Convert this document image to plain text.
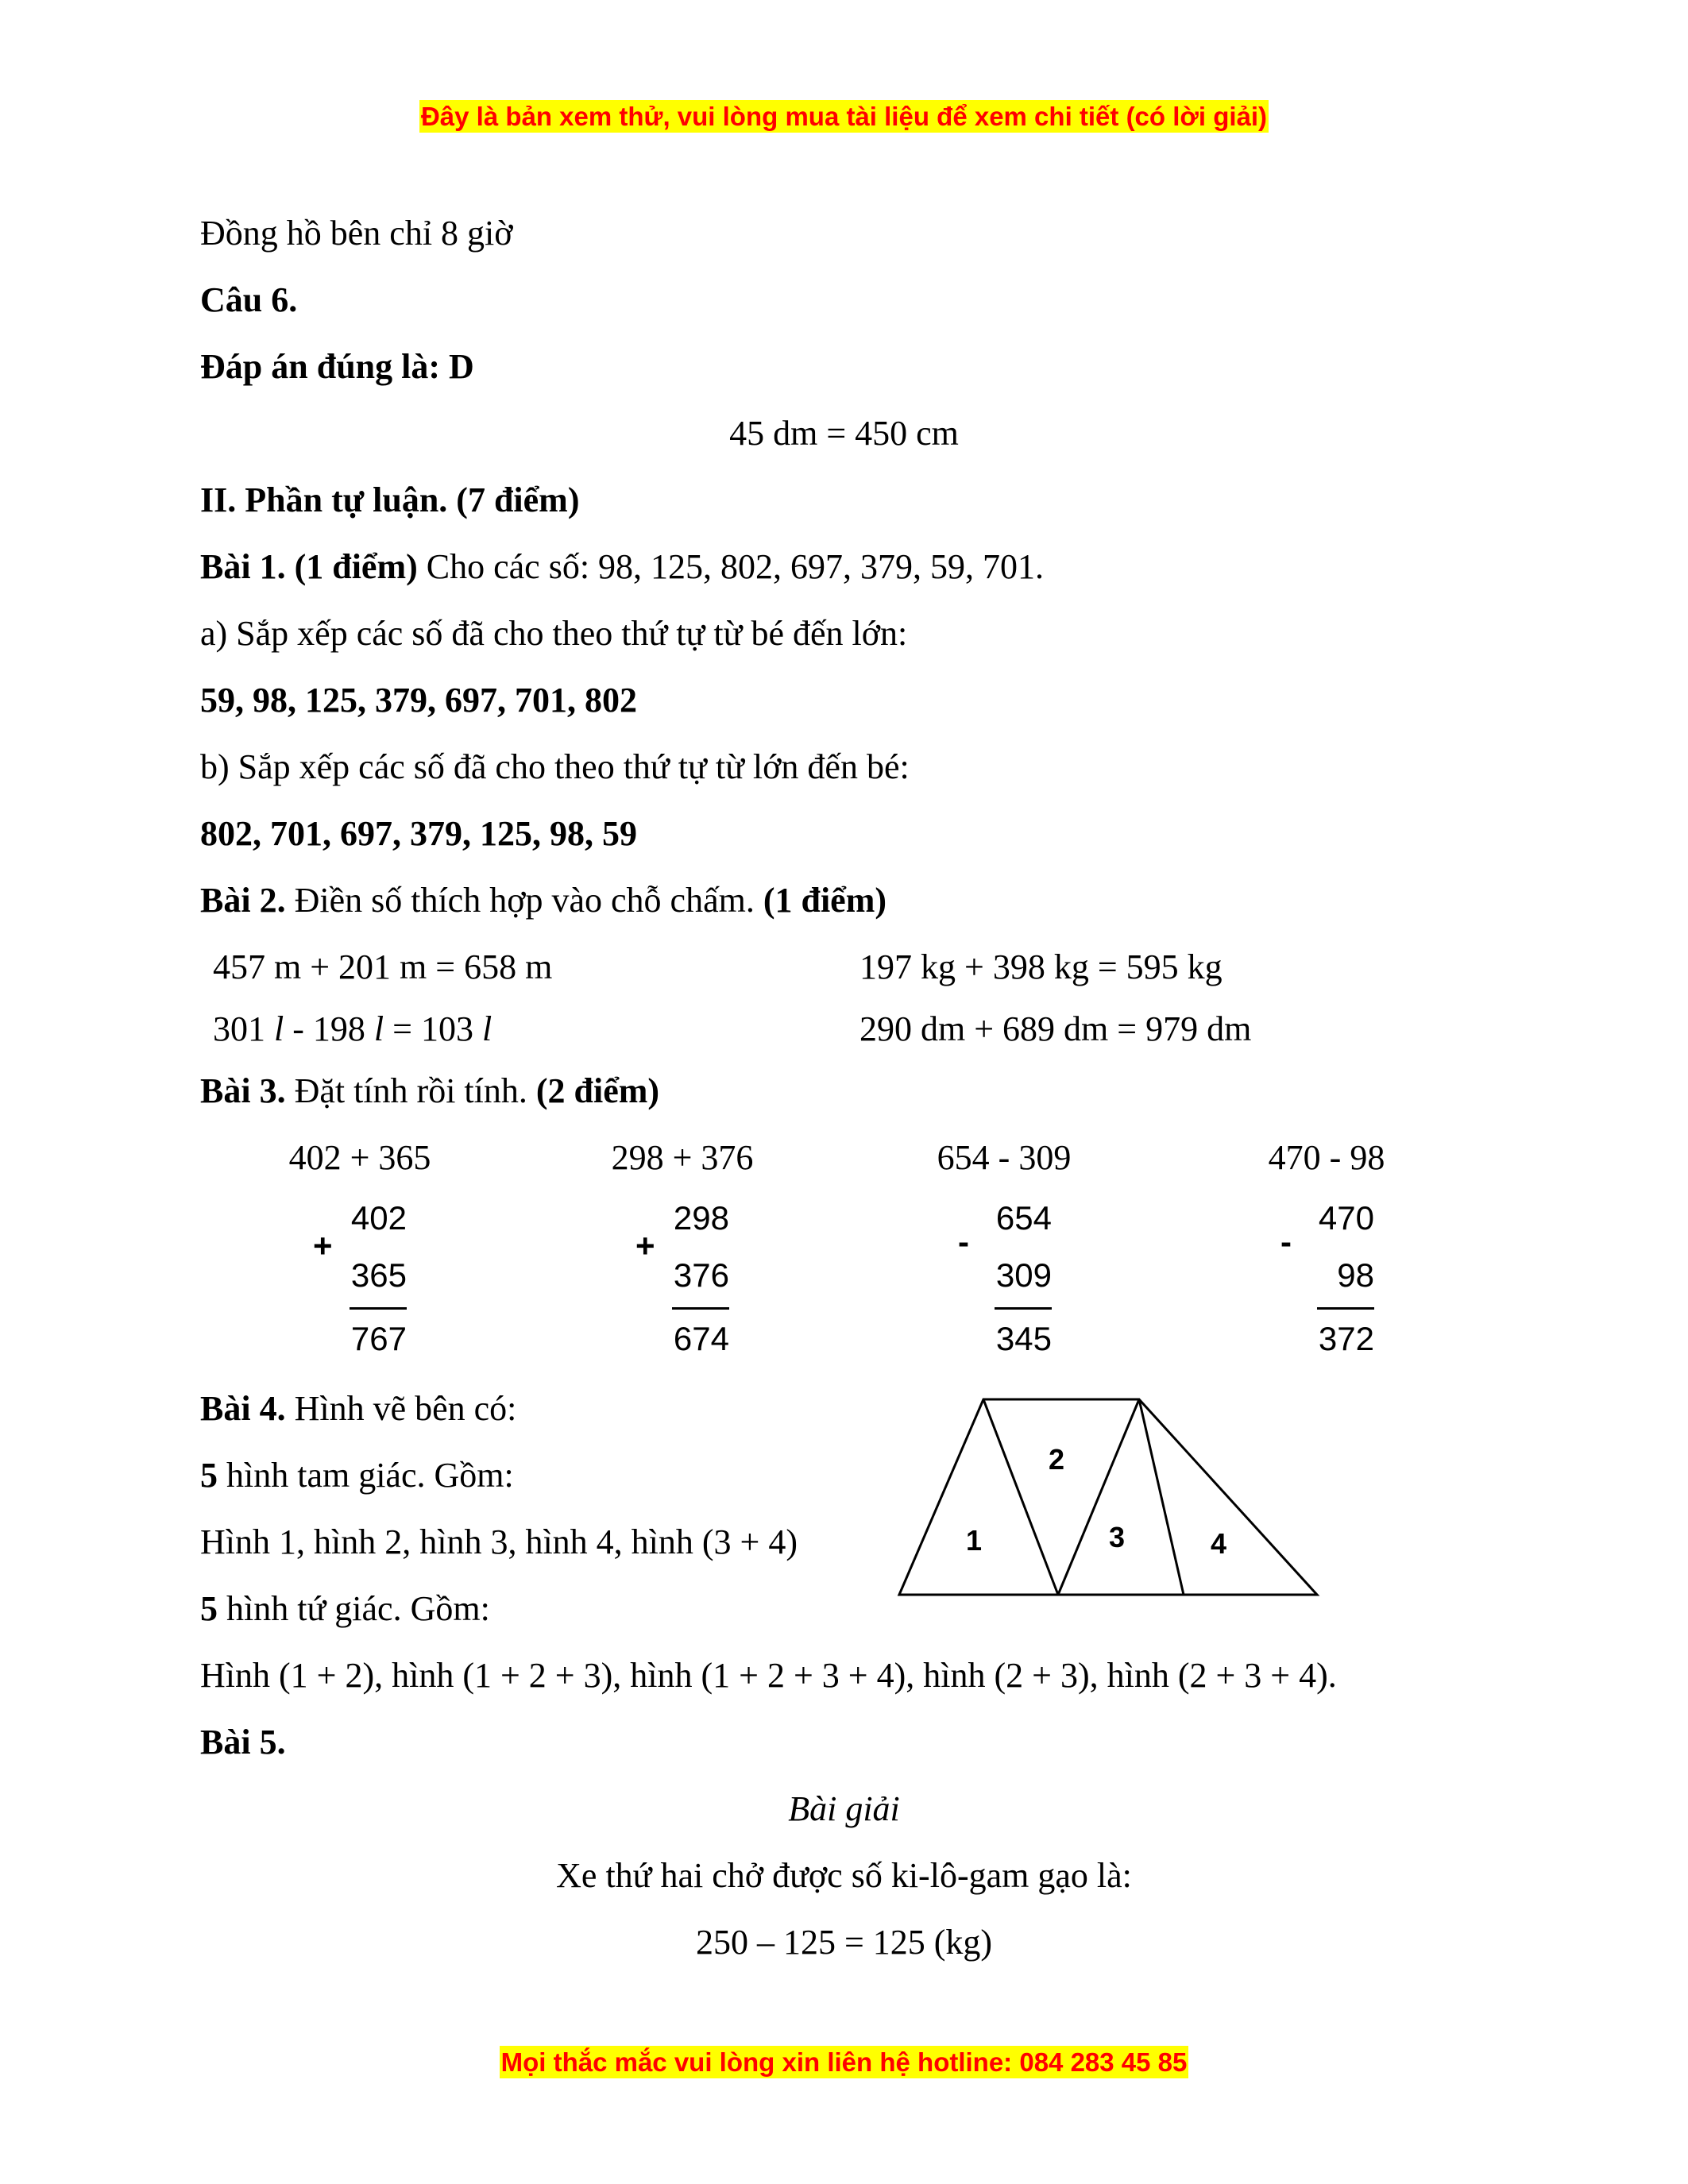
Đây là bản xem thử, vui lòng mua tài liệu để xem chi tiết (có lời giải)
Đồng hồ bên chỉ 8 giờ
Câu 6.
Đáp án đúng là: D
45 dm = 450 cm
II. Phần tự luận. (7 điểm)
Bài 1. (1 điểm) Cho các số: 98, 125, 802, 697, 379, 59, 701.
a) Sắp xếp các số đã cho theo thứ tự từ bé đến lớn:
59, 98, 125, 379, 697, 701, 802
b) Sắp xếp các số đã cho theo thứ tự từ lớn đến bé:
802, 701, 697, 379, 125, 98, 59
Bài 2. Điền số thích hợp vào chỗ chấm. (1 điểm)
457 m + 201 m = 658 m	197 kg + 398 kg = 595 kg
301 l - 198 l = 103 l	290 dm + 689 dm = 979 dm
Bài 3. Đặt tính rồi tính. (2 điểm)
402 + 365	298 + 376	654 - 309	470 - 98
+
402
365
767
+
298
376
674
-
654
309
345
-
470
98
372
Bài 4. Hình vẽ bên có:
5 hình tam giác. Gồm:
Hình 1, hình 2, hình 3, hình 4, hình (3 + 4)
5 hình tứ giác. Gồm:
Hình (1 + 2), hình (1 + 2 + 3), hình (1 + 2 + 3 + 4), hình (2 + 3), hình (2 + 3 + 4).
1
2
3	4
Bài 5.
Bài giải
Xe thứ hai chở được số ki-lô-gam gạo là:
250 – 125 = 125 (kg)
Mọi thắc mắc vui lòng xin liên hệ hotline: 084 283 45 85
